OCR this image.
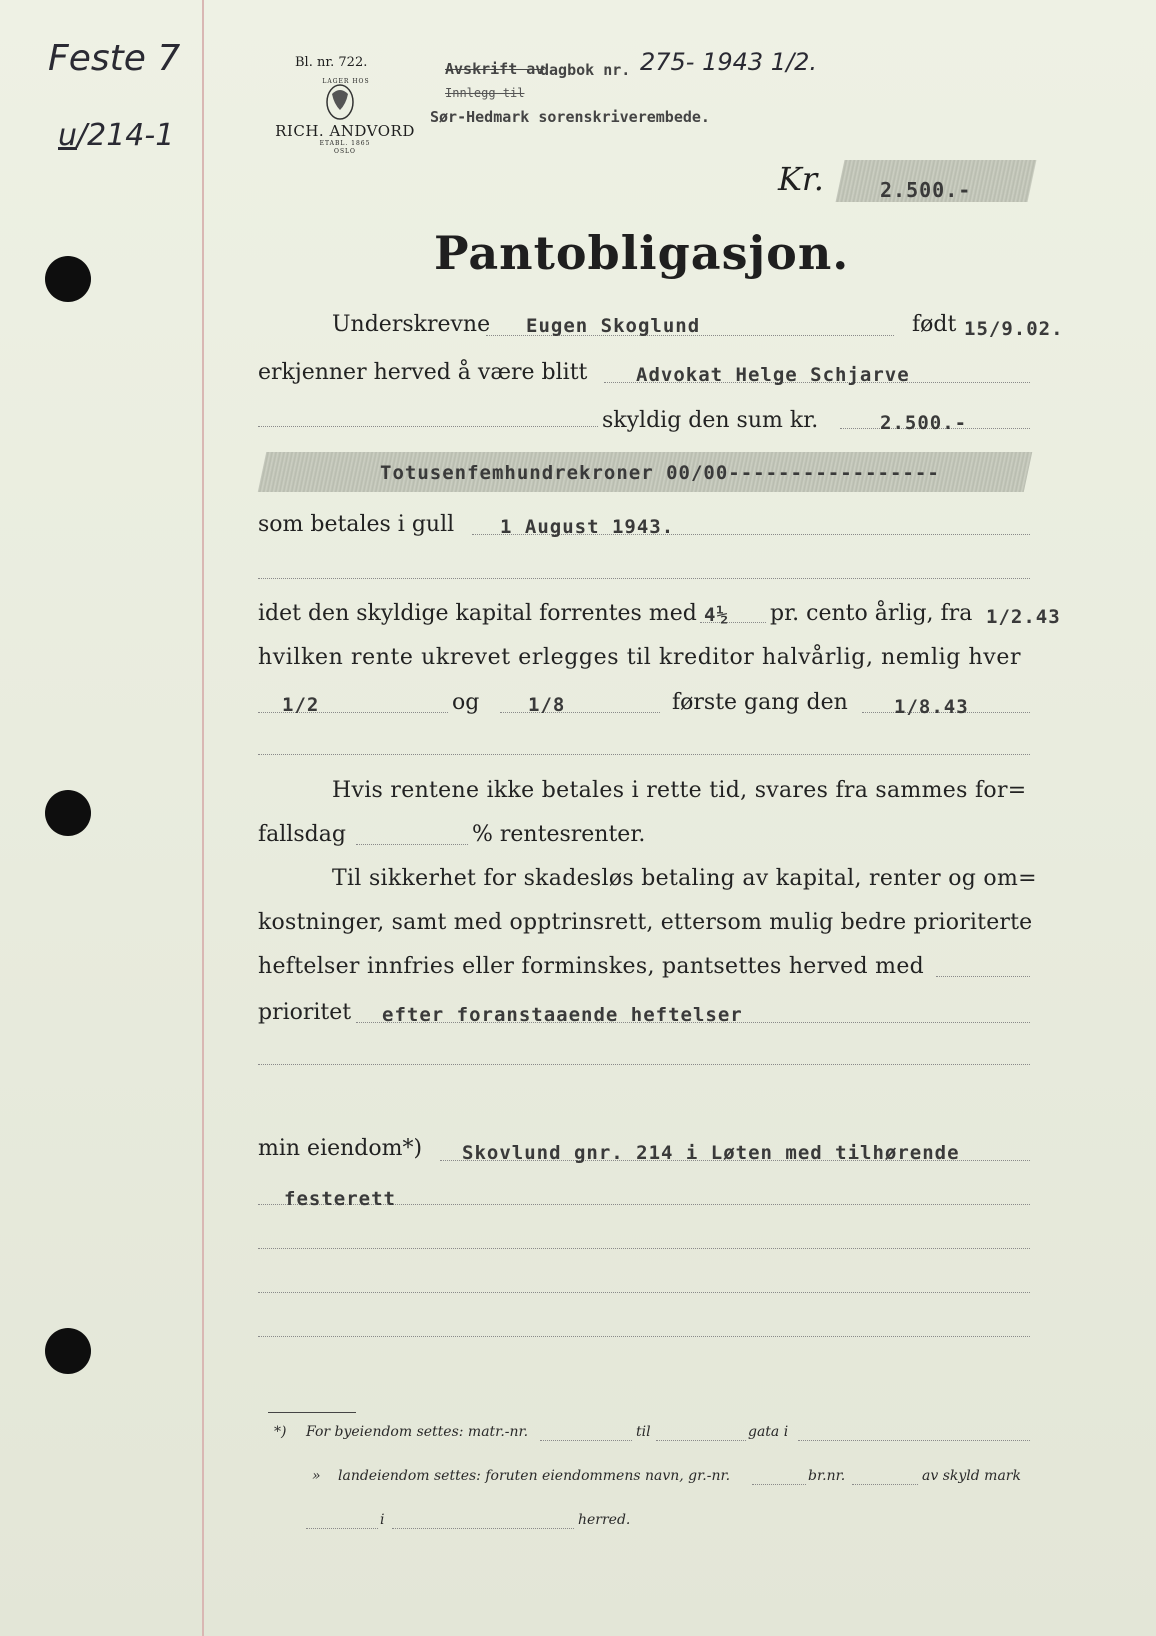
Feste 7
u/214-1
Bl. nr. 722.
LAGER HOS
RICH. ANDVORD
ETABL. 1865
OSLO
Avskrift av
Innlegg til
dagbok nr. 275- 1943 1/2.
Sør-Hedmark sorenskriverembede.
Kr.	2.500.-
Pantobligasjon.
Underskrevne Eugen Skoglund	født 15/9.02.
erkjenner herved å være blitt	Advokat Helge Schjarve
skyldig den sum kr.	2.500.-
Totusenfemhundrekroner 00/00-----------------
som betales i gull 1 August 1943.
idet den skyldige kapital forrentes med 4½ pr. cento årlig, fra 1/2.43
hvilken rente ukrevet erlegges til kreditor halvårlig, nemlig hver
1/2	og	1/8	første gang den 1/8.43
Hvis rentene ikke betales i rette tid, svares fra sammes for=
fallsdag	% rentesrenter.
Til sikkerhet for skadesløs betaling av kapital, renter og om=
kostninger, samt med opptrinsrett, ettersom mulig bedre prioriterte
heftelser innfries eller forminskes, pantsettes herved med
prioritet efter foranstaaende heftelser
min eiendom*) Skovlund gnr. 214 i Løten med tilhørende
festerett
*) For byeiendom settes: matr.-nr.	til	gata i
» landeiendom settes: foruten eiendommens navn, gr.-nr.	br.nr.	av skyld mark
i	herred.
